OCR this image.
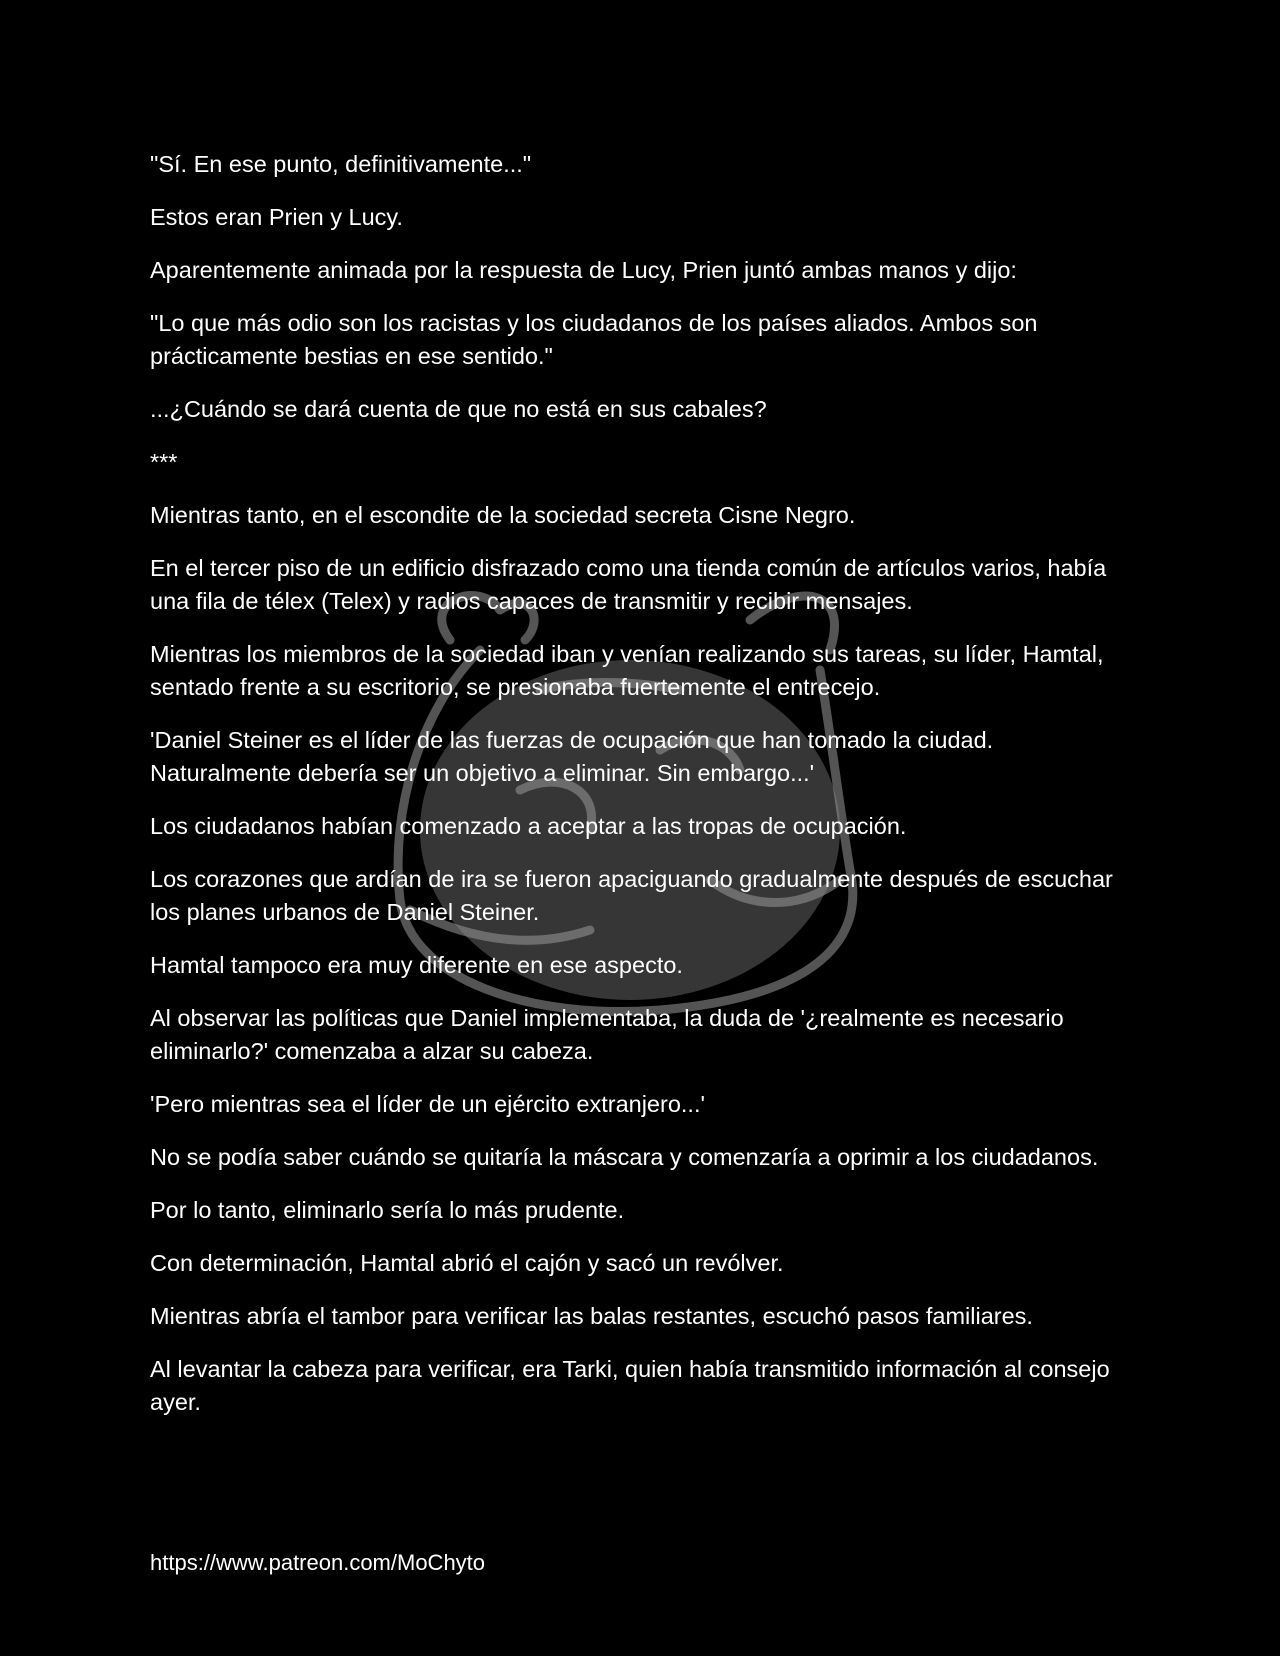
"Sí. En ese punto, definitivamente..."

Estos eran Prien y Lucy.

Aparentemente animada por la respuesta de Lucy, Prien juntó ambas manos y dijo:

"Lo que más odio son los racistas y los ciudadanos de los países aliados. Ambos son prácticamente bestias en ese sentido."

...¿Cuándo se dará cuenta de que no está en sus cabales?

***

Mientras tanto, en el escondite de la sociedad secreta Cisne Negro.

En el tercer piso de un edificio disfrazado como una tienda común de artículos varios, había una fila de télex (Telex) y radios capaces de transmitir y recibir mensajes.

Mientras los miembros de la sociedad iban y venían realizando sus tareas, su líder, Hamtal, sentado frente a su escritorio, se presionaba fuertemente el entrecejo.

'Daniel Steiner es el líder de las fuerzas de ocupación que han tomado la ciudad. Naturalmente debería ser un objetivo a eliminar. Sin embargo...'

Los ciudadanos habían comenzado a aceptar a las tropas de ocupación.

Los corazones que ardían de ira se fueron apaciguando gradualmente después de escuchar los planes urbanos de Daniel Steiner.

Hamtal tampoco era muy diferente en ese aspecto.

Al observar las políticas que Daniel implementaba, la duda de '¿realmente es necesario eliminarlo?' comenzaba a alzar su cabeza.

'Pero mientras sea el líder de un ejército extranjero...'

No se podía saber cuándo se quitaría la máscara y comenzaría a oprimir a los ciudadanos.

Por lo tanto, eliminarlo sería lo más prudente.

Con determinación, Hamtal abrió el cajón y sacó un revólver.

Mientras abría el tambor para verificar las balas restantes, escuchó pasos familiares.

Al levantar la cabeza para verificar, era Tarki, quien había transmitido información al consejo ayer.

https://www.patreon.com/MoChyto
